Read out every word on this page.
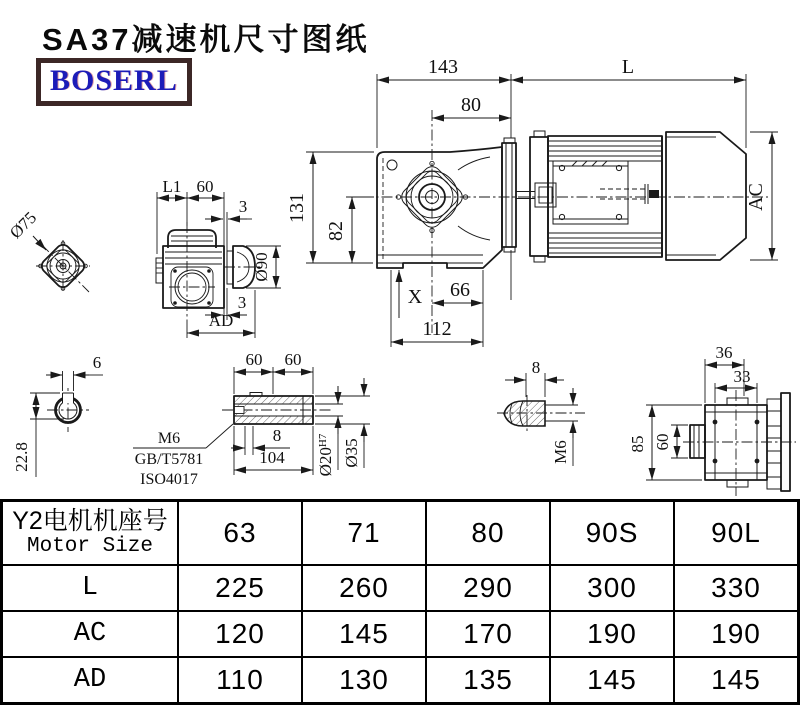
143	L
80
131
82
AC
X 66
112
Ø75
L1 60
3
Ø90
3
AD
6
22.8
60 60
8
104 $Ø20^{H7}$ Ø35
M6
GB/T5781
ISO4017
8
M6
36
33
85 60
SA37减速机尺寸图纸
BOSERL
Y2电机机座号
Motor Size	63	71	80	90S	90L
L	225	260	290	300	330
AC	120	145	170	190	190
AD	110	130	135	145	145
